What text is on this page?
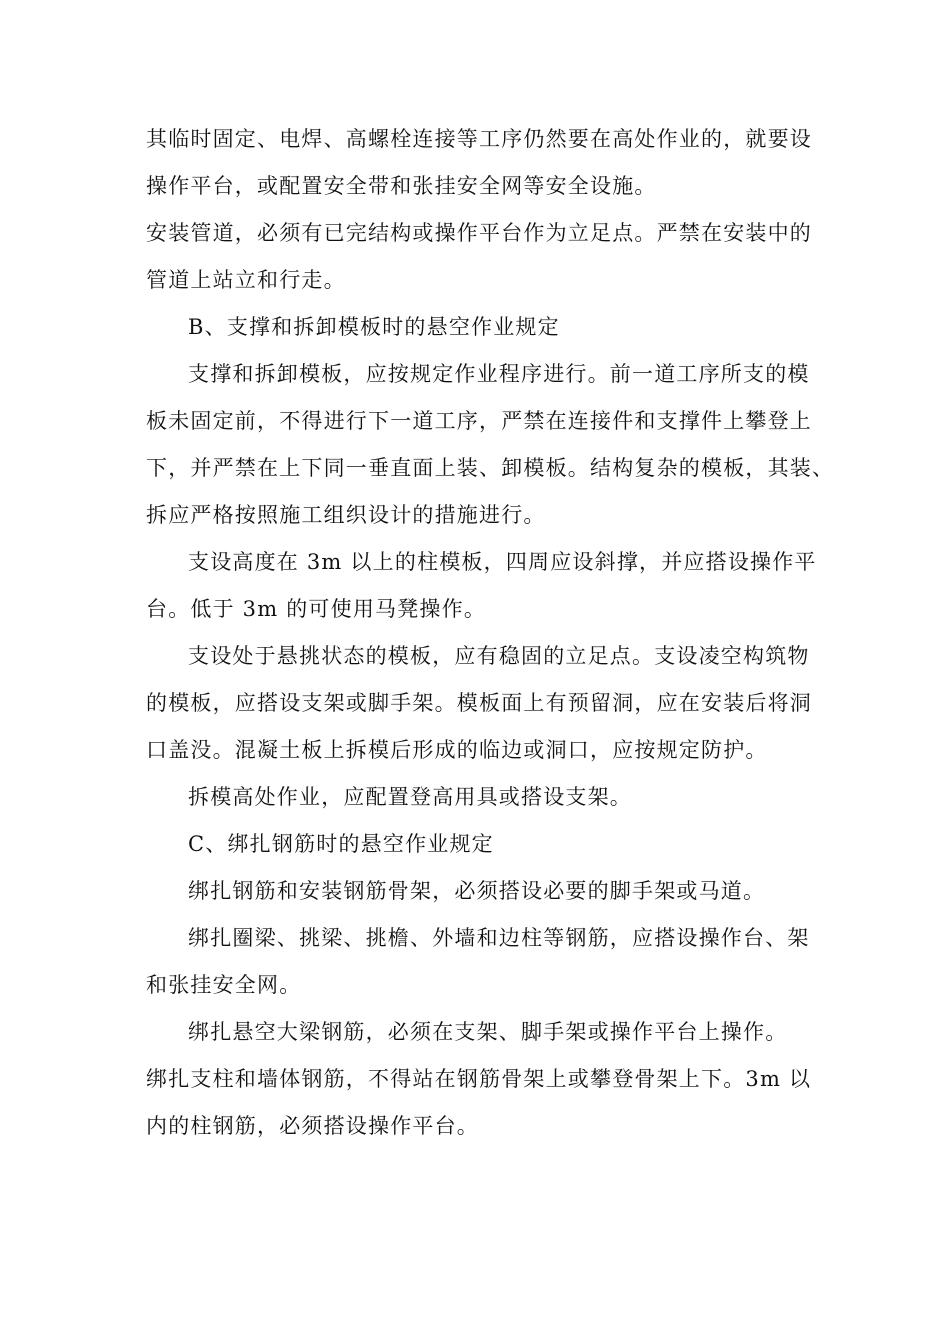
其临时固定、电焊、高螺栓连接等工序仍然要在高处作业的，就要设
操作平台，或配置安全带和张挂安全网等安全设施。
安装管道，必须有已完结构或操作平台作为立足点。严禁在安装中的
管道上站立和行走。
B、支撑和拆卸模板时的悬空作业规定
支撑和拆卸模板，应按规定作业程序进行。前一道工序所支的模
板未固定前，不得进行下一道工序，严禁在连接件和支撑件上攀登上
下，并严禁在上下同一垂直面上装、卸模板。结构复杂的模板，其装、
拆应严格按照施工组织设计的措施进行。
支设高度在 3m 以上的柱模板，四周应设斜撑，并应搭设操作平
台。低于 3m 的可使用马凳操作。
支设处于悬挑状态的模板，应有稳固的立足点。支设凌空构筑物
的模板，应搭设支架或脚手架。模板面上有预留洞，应在安装后将洞
口盖没。混凝土板上拆模后形成的临边或洞口，应按规定防护。
拆模高处作业，应配置登高用具或搭设支架。
C、绑扎钢筋时的悬空作业规定
绑扎钢筋和安装钢筋骨架，必须搭设必要的脚手架或马道。
绑扎圈梁、挑梁、挑檐、外墙和边柱等钢筋，应搭设操作台、架
和张挂安全网。
绑扎悬空大梁钢筋，必须在支架、脚手架或操作平台上操作。
绑扎支柱和墙体钢筋，不得站在钢筋骨架上或攀登骨架上下。3m 以
内的柱钢筋，必须搭设操作平台。
